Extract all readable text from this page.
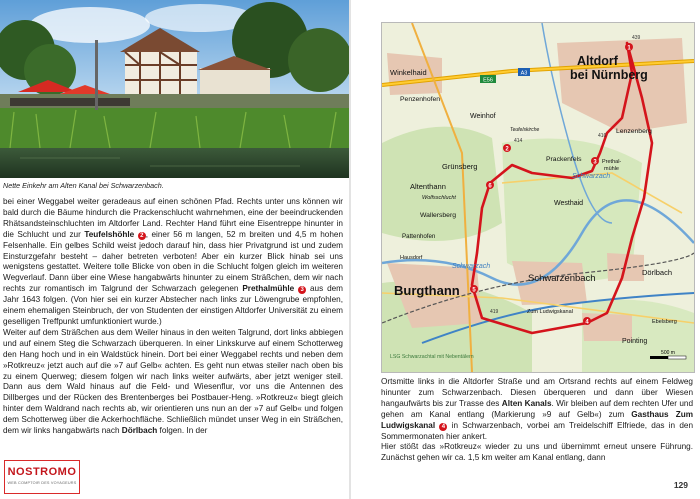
Nette Einkehr am Alten Kanal bei Schwarzenbach.

bei einer Weggabel weiter geradeaus auf einen schönen Pfad. Rechts unter uns können wir bald durch die Bäume hindurch die Prackenschlucht wahrnehmen, eine der beeindruckenden Rhätsandsteinschluchten im Altdorfer Land. Rechter Hand führt eine Eisentreppe hinunter in die Schlucht und zur Teufelshöhle 2 , einer 56 m langen, 52 m breiten und 4,5 m hohen Felsenhalle. Ein gelbes Schild weist jedoch darauf hin, dass hier Privatgrund ist und zudem Einsturzgefahr besteht – daher betreten verboten! Aber ein kurzer Blick hinab sei uns wenigstens gestattet. Weitere tolle Blicke von oben in die Schlucht folgen gleich im weiteren Wegverlauf. Dann über eine Wiese hangabwärts hinunter zu einem Sträßchen, dem wir nach rechts zur romantisch im Talgrund der Schwarzach gelegenen Prethalmühle 3 aus dem Jahr 1643 folgen. (Von hier sei ein kurzer Abstecher nach links zur Löwengrube empfohlen, einem ehemaligen Steinbruch, der von Studenten der einstigen Altdorfer Universität zu einem geselligen Treffpunkt umfunktioniert wurde.)

Weiter auf dem Sträßchen aus dem Weiler hinaus in den weiten Talgrund, dort links abbiegen und auf einem Steg die Schwarzach überqueren. In einer Linkskurve auf einem Schotterweg den Hang hoch und in ein Waldstück hinein. Dort bei einer Weggabel rechts und neben dem »Rotkreuz« jetzt auch auf die »7 auf Gelb« achten. Es geht nun etwas steiler nach oben bis zu einem Querweg; diesem folgen wir nach links weiter aufwärts, aber jetzt weniger steil. Dann aus dem Wald hinaus auf die Feld- und Wiesenflur, vor uns die Antennen des Dillberges und der Rücken des Brentenberges bei Postbauer-Heng. »Rotkreuz« biegt gleich hinter dem Waldrand nach rechts ab, wir orientieren uns nun an der »7 auf Gelb« und folgen dem Schotterweg über die Ackerhochfläche. Schließlich mündet unser Weg in ein Sträßchen, dem wir links hangabwärts nach Dörlbach folgen. In der

NOSTROMO
WEB COMPTOIR DES VOYAGEURS
1
2
3
4
5
6
Altdorf
bei Nürnberg
Winkelhaid
Penzenhofen
Weinhof
Lenzenberg
Prackenfels	Prethal-
mühle
Grünsberg
Altenthann
Wolfsschlucht
Westhaid
Wallersberg
Pattenhofen
Burgthann
Schwarzenbach
Dörlbach
Pointing
Schwarzach
Schwarzach
Teufelskirche
Hausdorf
Zum Ludwigskanal
LSG Schwarzachtal mit Nebentälern
Ebelsberg
E56
A3
414
416
419
439
500 m

Ortsmitte links in die Altdorfer Straße und am Ortsrand rechts auf einem Feldweg hinunter zum Schwarzenbach. Diesen überqueren und dann über Wiesen hangaufwärts bis zur Trasse des Alten Kanals. Wir bleiben auf dem rechten Ufer und gehen am Kanal entlang (Markierung »9 auf Gelb«) zum Gasthaus Zum Ludwigskanal 4 in Schwarzenbach, vorbei am Treidelschiff Elfriede, das in den Sommermonaten hier ankert.

Hier stößt das »Rotkreuz« wieder zu uns und übernimmt erneut unsere Führung. Zunächst gehen wir ca. 1,5 km weiter am Kanal entlang, dann

129
